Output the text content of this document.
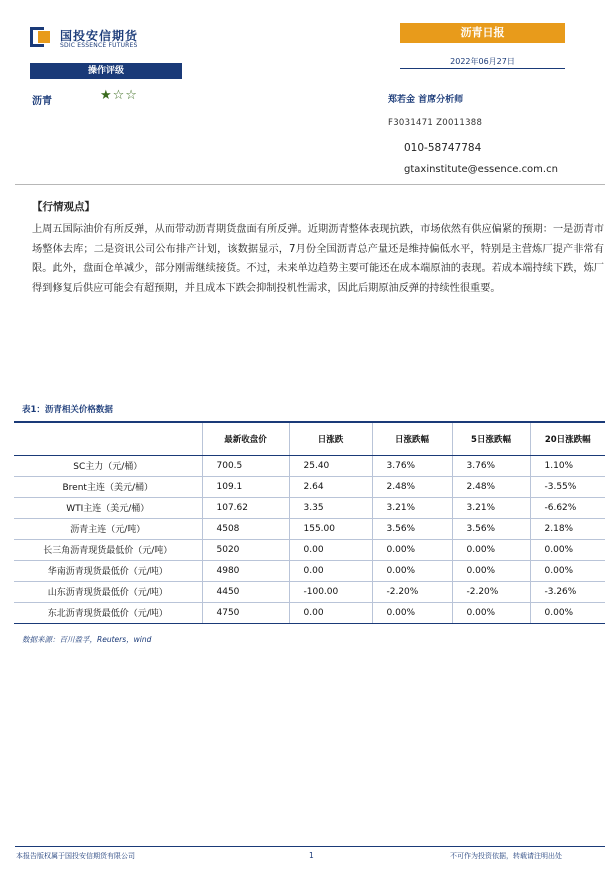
国投安信期货
SDIC ESSENCE FUTURES
沥青日报
2022年06月27日
操作评级
沥青	★☆☆	郑若金 首席分析师
F3031471 Z0011388
010-58747784
gtaxinstitute@essence.com.cn
【行情观点】
上周五国际油价有所反弹，从而带动沥青期货盘面有所反弹。近期沥青整体表现抗跌，市场依然有供应偏紧的预期：一是沥青市场整体去库；二是资讯公司公布排产计划，该数据显示，7月份全国沥青总产量还是维持偏低水平，特别是主营炼厂提产非常有限。此外，盘面仓单减少，部分刚需继续接货。不过，未来单边趋势主要可能还在成本端原油的表现。若成本端持续下跌，炼厂得到修复后供应可能会有超预期，并且成本下跌会抑制投机性需求，因此后期原油反弹的持续性很重要。
表1：沥青相关价格数据
	最新收盘价	日涨跌	日涨跌幅	5日涨跌幅	20日涨跌幅
SC主力（元/桶）	700.5	25.40	3.76%	3.76%	1.10%
Brent主连（美元/桶）	109.1	2.64	2.48%	2.48%	-3.55%
WTI主连（美元/桶）	107.62	3.35	3.21%	3.21%	-6.62%
沥青主连（元/吨）	4508	155.00	3.56%	3.56%	2.18%
长三角沥青现货最低价（元/吨）	5020	0.00	0.00%	0.00%	0.00%
华南沥青现货最低价（元/吨）	4980	0.00	0.00%	0.00%	0.00%
山东沥青现货最低价（元/吨）	4450	-100.00	-2.20%	-2.20%	-3.26%
东北沥青现货最低价（元/吨）	4750	0.00	0.00%	0.00%	0.00%
数据来源：百川盈孚，Reuters，wind
本报告版权属于国投安信期货有限公司	1	不可作为投资依据，转载请注明出处
